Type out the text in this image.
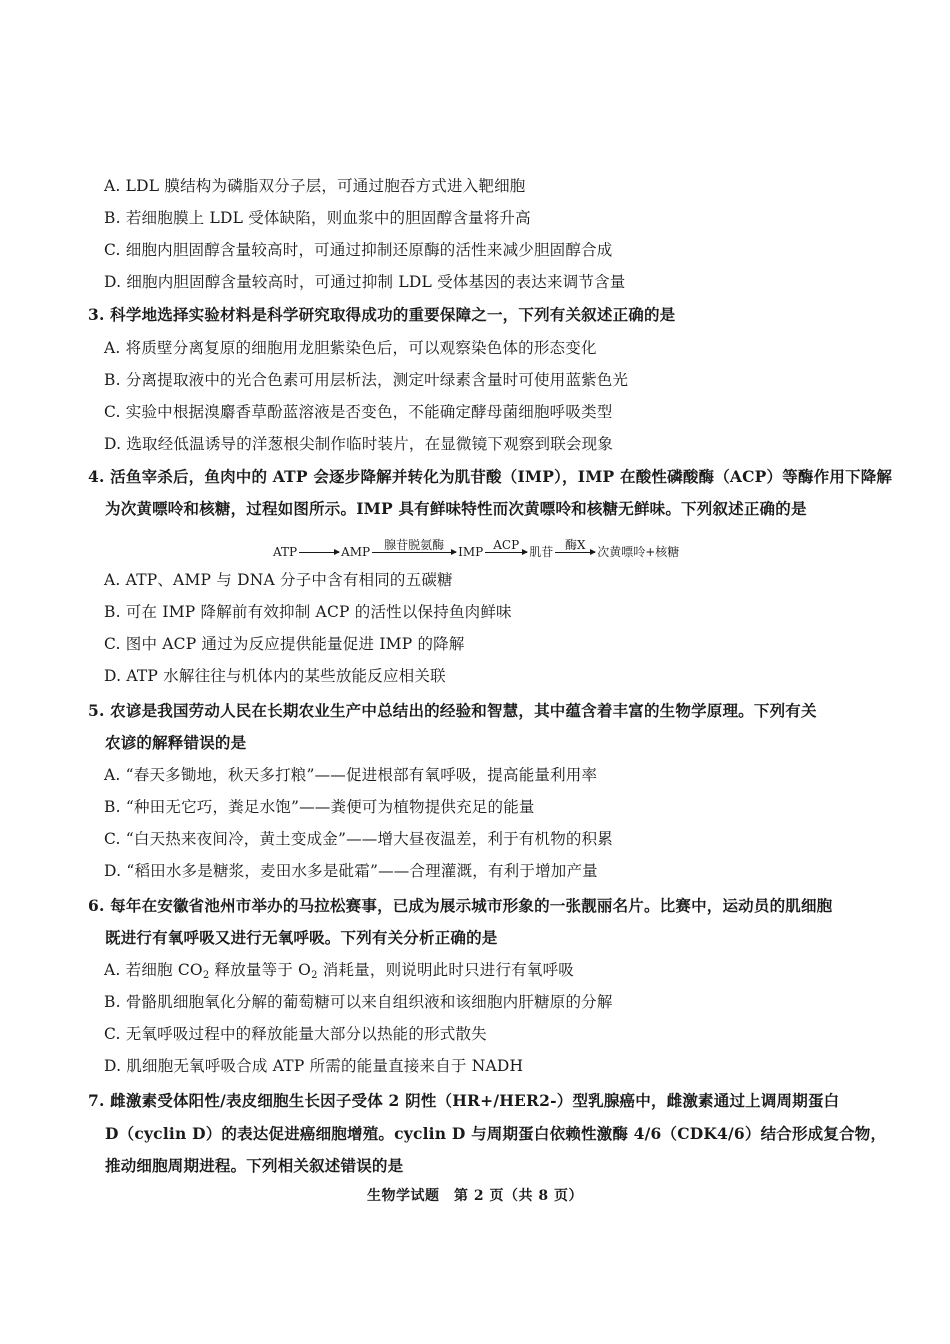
A. LDL 膜结构为磷脂双分子层，可通过胞吞方式进入靶细胞
B. 若细胞膜上 LDL 受体缺陷，则血浆中的胆固醇含量将升高
C. 细胞内胆固醇含量较高时，可通过抑制还原酶的活性来减少胆固醇合成
D. 细胞内胆固醇含量较高时，可通过抑制 LDL 受体基因的表达来调节含量
3. 科学地选择实验材料是科学研究取得成功的重要保障之一，下列有关叙述正确的是
A. 将质壁分离复原的细胞用龙胆紫染色后，可以观察染色体的形态变化
B. 分离提取液中的光合色素可用层析法，测定叶绿素含量时可使用蓝紫色光
C. 实验中根据溴麝香草酚蓝溶液是否变色，不能确定酵母菌细胞呼吸类型
D. 选取经低温诱导的洋葱根尖制作临时装片，在显微镜下观察到联会现象
4. 活鱼宰杀后，鱼肉中的 ATP 会逐步降解并转化为肌苷酸（IMP），IMP 在酸性磷酸酶（ACP）等酶作用下降解
为次黄嘌呤和核糖，过程如图所示。IMP 具有鲜味特性而次黄嘌呤和核糖无鲜味。下列叙述正确的是
ATP	AMP 腺苷脱氨酶 IMP ACP 肌苷 酶X 次黄嘌呤+核糖
A. ATP、AMP 与 DNA 分子中含有相同的五碳糖
B. 可在 IMP 降解前有效抑制 ACP 的活性以保持鱼肉鲜味
C. 图中 ACP 通过为反应提供能量促进 IMP 的降解
D. ATP 水解往往与机体内的某些放能反应相关联
5. 农谚是我国劳动人民在长期农业生产中总结出的经验和智慧，其中蕴含着丰富的生物学原理。下列有关
农谚的解释错误的是
A. “春天多锄地，秋天多打粮”——促进根部有氧呼吸，提高能量利用率
B. “种田无它巧，粪足水饱”——粪便可为植物提供充足的能量
C. “白天热来夜间冷，黄土变成金”——增大昼夜温差，利于有机物的积累
D. “稻田水多是糖浆，麦田水多是砒霜”——合理灌溉，有利于增加产量
6. 每年在安徽省池州市举办的马拉松赛事，已成为展示城市形象的一张靓丽名片。比赛中，运动员的肌细胞
既进行有氧呼吸又进行无氧呼吸。下列有关分析正确的是
A. 若细胞 $CO_2$ 释放量等于 $O_2$ 消耗量，则说明此时只进行有氧呼吸
B. 骨骼肌细胞氧化分解的葡萄糖可以来自组织液和该细胞内肝糖原的分解
C. 无氧呼吸过程中的释放能量大部分以热能的形式散失
D. 肌细胞无氧呼吸合成 ATP 所需的能量直接来自于 NADH
7. 雌激素受体阳性/表皮细胞生长因子受体 2 阴性（HR+/HER2-）型乳腺癌中，雌激素通过上调周期蛋白
D（cyclin D）的表达促进癌细胞增殖。cyclin D 与周期蛋白依赖性激酶 4/6（CDK4/6）结合形成复合物，
推动细胞周期进程。下列相关叙述错误的是
生物学试题　第 2 页（共 8 页）
